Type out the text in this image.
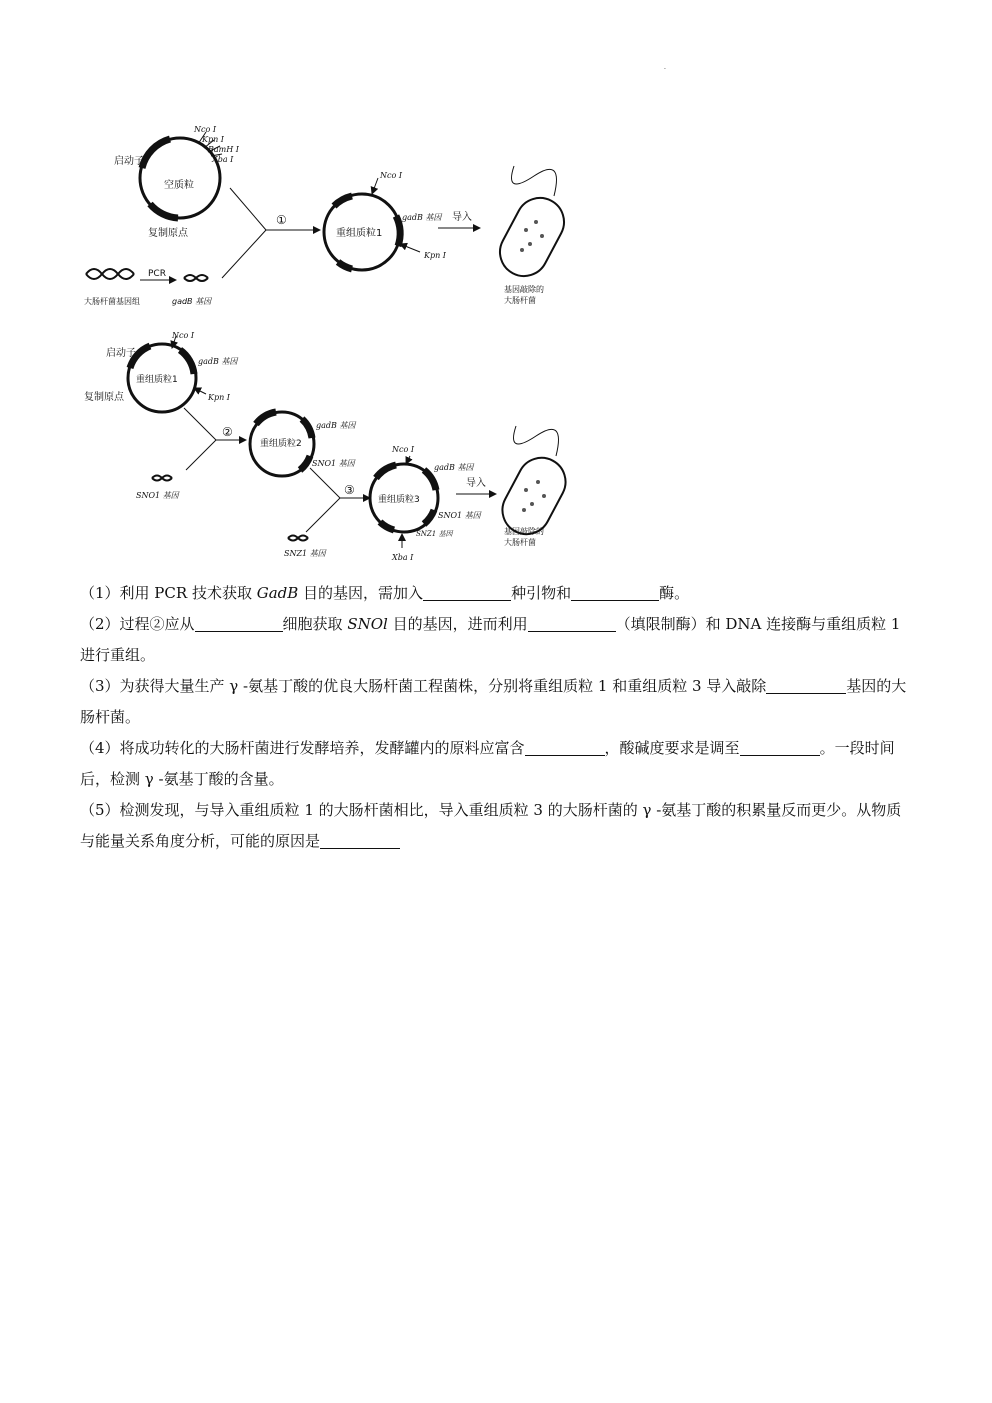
.
启动子
空质粒
复制原点
Nco Ⅰ
Kpn Ⅰ
BamH Ⅰ
Xba Ⅰ
①
PCR
大肠杆菌基因组	gadB 基因
重组质粒1
Nco Ⅰ
gadB 基因
Kpn Ⅰ
导入
基因敲除的
大肠杆菌
启动子
复制原点
重组质粒1
Nco Ⅰ
gadB 基因
Kpn Ⅰ
②
SNO1 基因
重组质粒2
gadB 基因
SNO1 基因
③
SNZ1 基因
重组质粒3
Nco Ⅰ
gadB 基因
SNO1 基因
SNZ1 基因
Xba Ⅰ
导入
基因敲除的
大肠杆菌

（1）利用 PCR 技术获取 GadB 目的基因，需加入	种引物和	酶。

（2）过程②应从	细胞获取 SNOl 目的基因，进而利用	（填限制酶）和 DNA 连接酶与重组质粒 1 进行重组。

（3）为获得大量生产 γ -氨基丁酸的优良大肠杆菌工程菌株，分别将重组质粒 1 和重组质粒 3 导入敲除	基因的大肠杆菌。

（4）将成功转化的大肠杆菌进行发酵培养，发酵罐内的原料应富含	，酸碱度要求是调至	。一段时间后，检测 γ -氨基丁酸的含量。

（5）检测发现，与导入重组质粒 1 的大肠杆菌相比，导入重组质粒 3 的大肠杆菌的 γ -氨基丁酸的积累量反而更少。从物质与能量关系角度分析，可能的原因是
